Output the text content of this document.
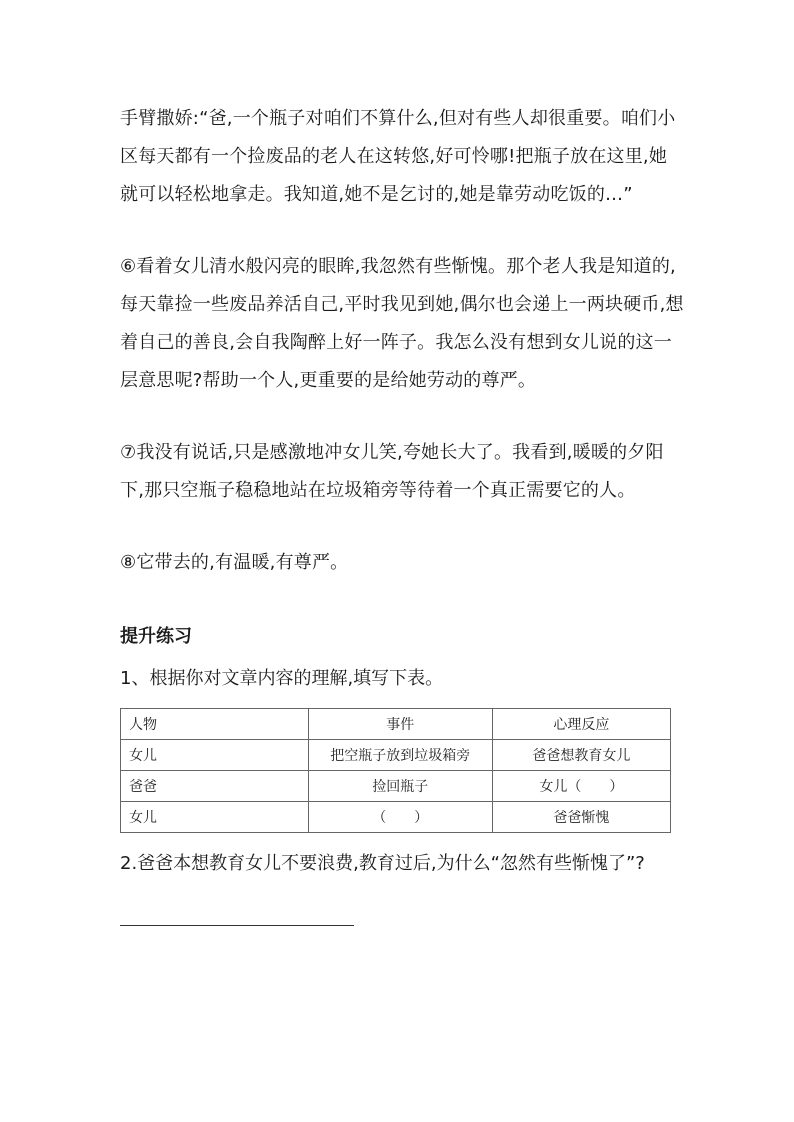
手臂撒娇:“爸,一个瓶子对咱们不算什么,但对有些人却很重要。咱们小区每天都有一个捡废品的老人在这转悠,好可怜哪!把瓶子放在这里,她就可以轻松地拿走。我知道,她不是乞讨的,她是靠劳动吃饭的…”

⑥看着女儿清水般闪亮的眼眸,我忽然有些惭愧。那个老人我是知道的,每天靠捡一些废品养活自己,平时我见到她,偶尔也会递上一两块硬币,想着自己的善良,会自我陶醉上好一阵子。我怎么没有想到女儿说的这一层意思呢?帮助一个人,更重要的是给她劳动的尊严。

⑦我没有说话,只是感激地冲女儿笑,夸她长大了。我看到,暖暖的夕阳下,那只空瓶子稳稳地站在垃圾箱旁等待着一个真正需要它的人。

⑧它带去的,有温暖,有尊严。

提升练习
1、根据你对文章内容的理解,填写下表。
人物	事件	心理反应
女儿	把空瓶子放到垃圾箱旁	爸爸想教育女儿
爸爸	捡回瓶子	女儿（　　）
女儿	（　　）	爸爸惭愧
2.爸爸本想教育女儿不要浪费,教育过后,为什么“忽然有些惭愧了”?
